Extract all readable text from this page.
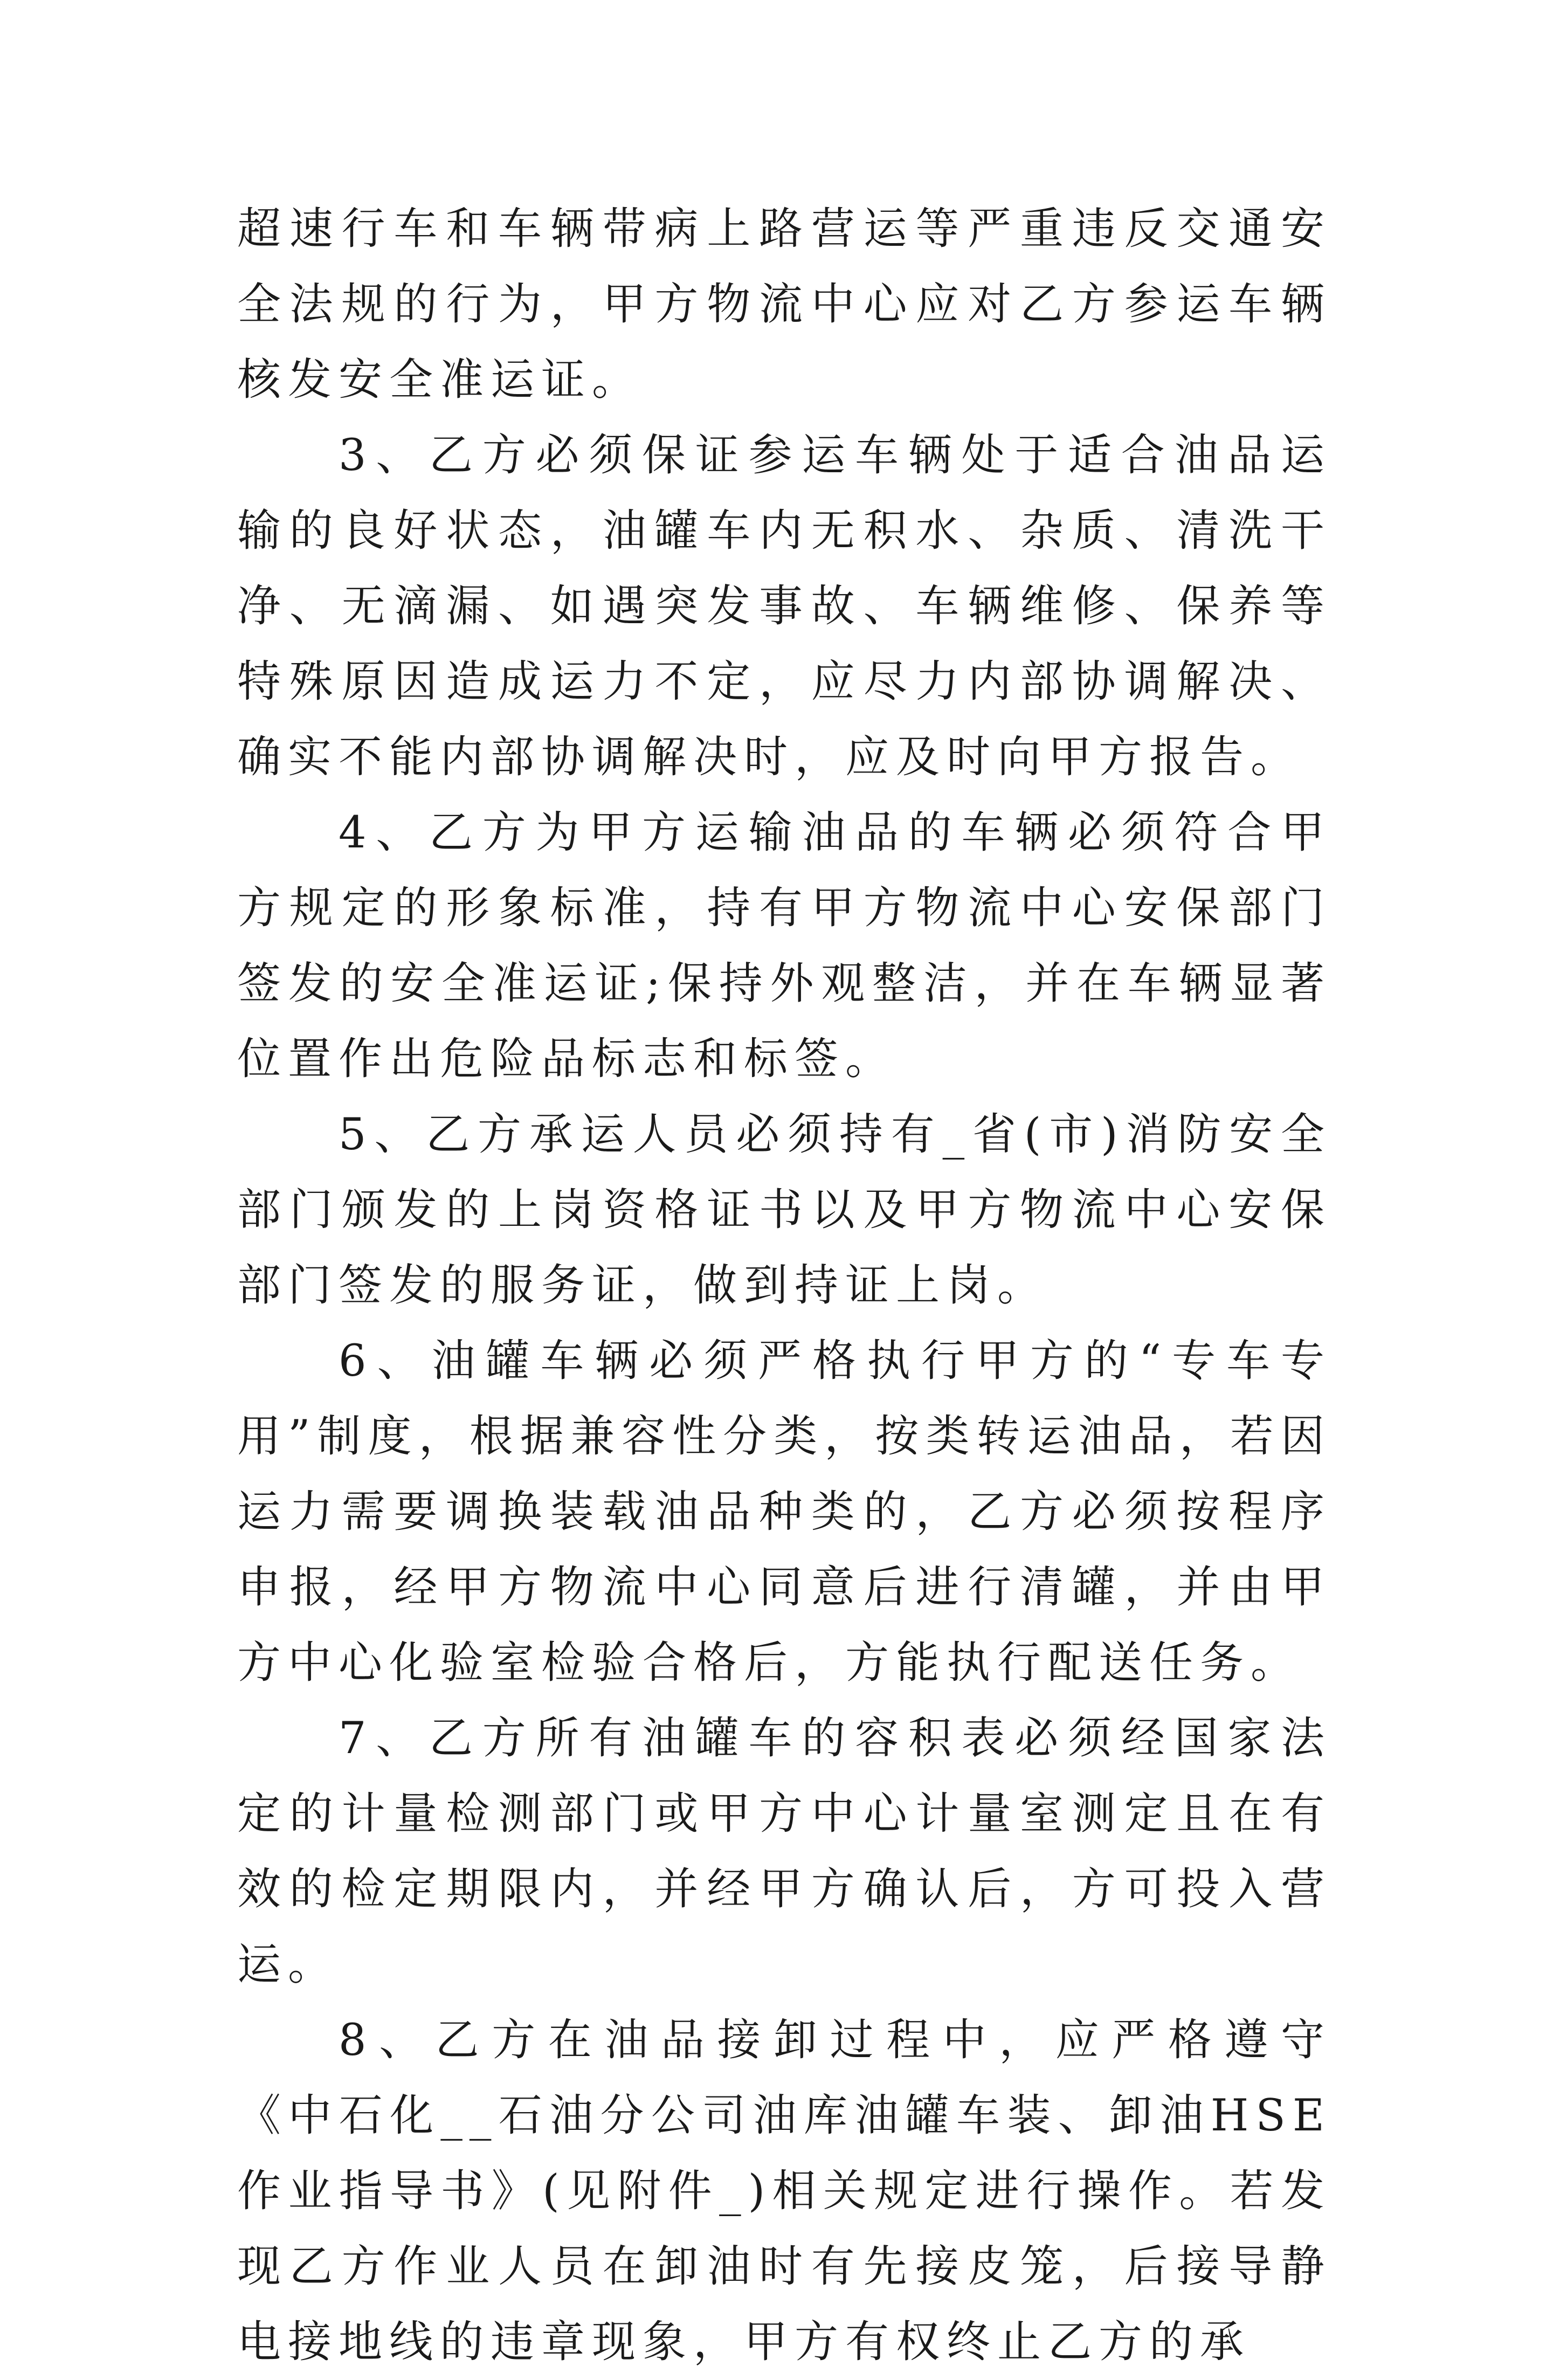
超速行车和车辆带病上路营运等严重违反交通安全法规的行为，甲方物流中心应对乙方参运车辆核发安全准运证。

3、乙方必须保证参运车辆处于适合油品运输的良好状态，油罐车内无积水、杂质、清洗干净、无滴漏、如遇突发事故、车辆维修、保养等特殊原因造成运力不定，应尽力内部协调解决、确实不能内部协调解决时，应及时向甲方报告。

4、乙方为甲方运输油品的车辆必须符合甲方规定的形象标准，持有甲方物流中心安保部门签发的安全准运证;保持外观整洁，并在车辆显著位置作出危险品标志和标签。

5、乙方承运人员必须持有_省(市)消防安全部门颁发的上岗资格证书以及甲方物流中心安保部门签发的服务证，做到持证上岗。

6、油罐车辆必须严格执行甲方的“专车专用”制度，根据兼容性分类，按类转运油品，若因运力需要调换装载油品种类的，乙方必须按程序申报，经甲方物流中心同意后进行清罐，并由甲方中心化验室检验合格后，方能执行配送任务。

7、乙方所有油罐车的容积表必须经国家法定的计量检测部门或甲方中心计量室测定且在有效的检定期限内，并经甲方确认后，方可投入营运。

8、乙方在油品接卸过程中，应严格遵守《中石化__石油分公司油库油罐车装、卸油HSE作业指导书》(见附件_)相关规定进行操作。若发现乙方作业人员在卸油时有先接皮笼，后接导静电接地线的违章现象，甲方有权终止乙方的承
